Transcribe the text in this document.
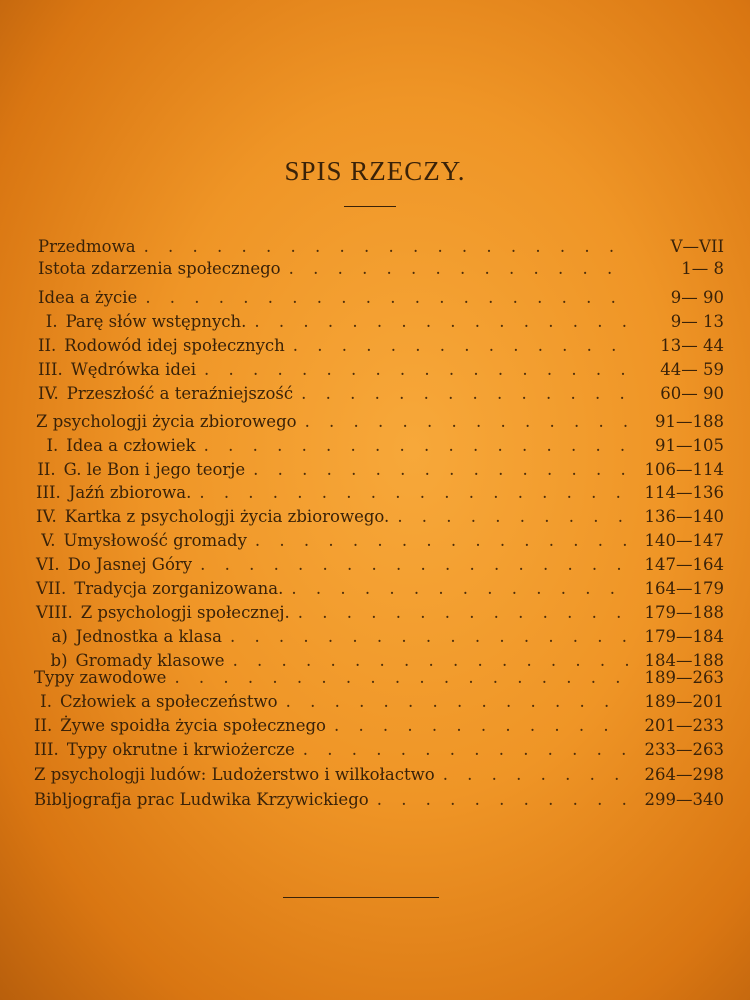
SPIS RZECZY.
Przedmowa . . .	V—VII
Istota zdarzenia społecznego . . .	1— 8
Idea a życie . . .	9— 90
I. Parę słów wstępnych. . . .	9— 13
II. Rodowód idej społecznych . . .	13— 44
III. Wędrówka idei . . .	44— 59
IV. Przeszłość a teraźniejszość . . .	60— 90
Z psychologji życia zbiorowego . . .	91—188
I. Idea a człowiek . . .	91—105
II. G. le Bon i jego teorje . . .	106—114
III. Jaźń zbiorowa. . . .	114—136
IV. Kartka z psychologji życia zbiorowego. . . .	136—140
V. Umysłowość gromady . . .	140—147
VI. Do Jasnej Góry . . .	147—164
VII. Tradycja zorganizowana. . . .	164—179
VIII. Z psychologji społecznej. . . .	179—188
a) Jednostka a klasa . . .	179—184
b) Gromady klasowe . . .	184—188
Typy zawodowe . . .	189—263
I. Człowiek a społeczeństwo . . .	189—201
II. Żywe spoidła życia społecznego . . .	201—233
III. Typy okrutne i krwiożercze . . .	233—263
Z psychologji ludów: Ludożerstwo i wilkołactwo . . .	264—298
Bibljografja prac Ludwika Krzywickiego . . .	299—340
